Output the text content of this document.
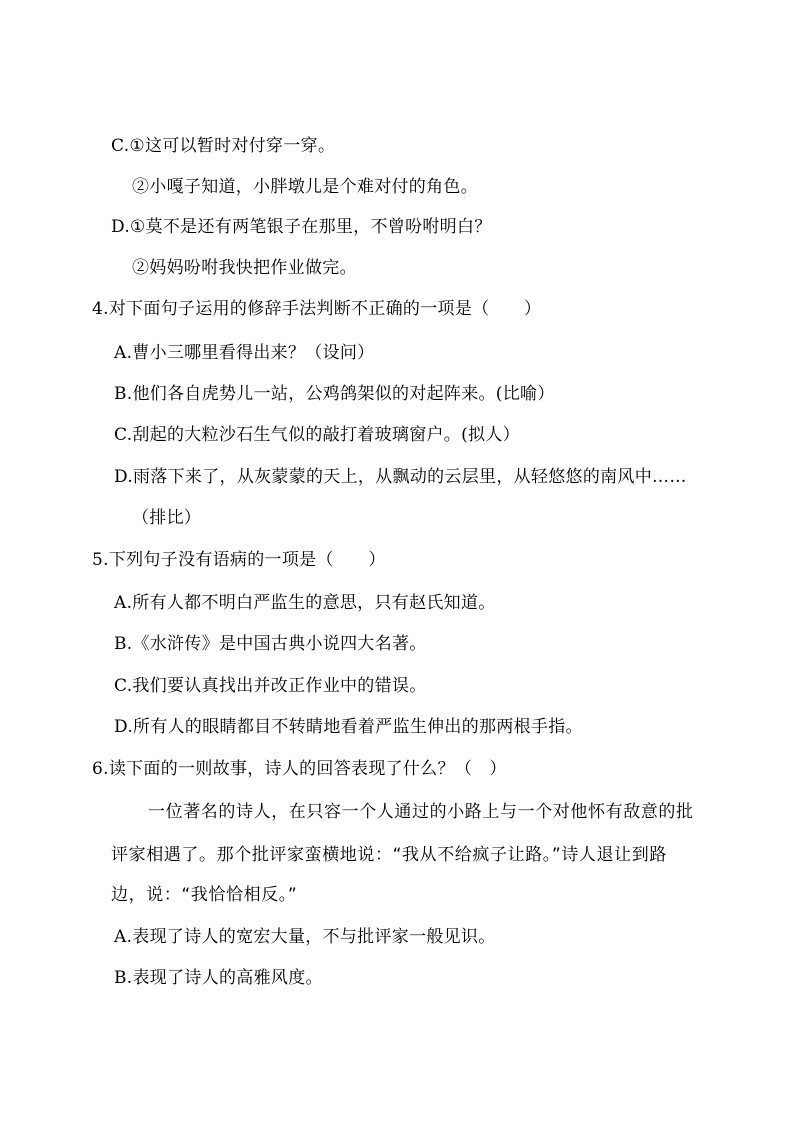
C.①这可以暂时对付穿一穿。
②小嘎子知道，小胖墩儿是个难对付的角色。
D.①莫不是还有两笔银子在那里，不曾吩咐明白？
②妈妈吩咐我快把作业做完。
4.对下面句子运用的修辞手法判断不正确的一项是（　　）
A.曹小三哪里看得出来？（设问）
B.他们各自虎势儿一站，公鸡鸽架似的对起阵来。(比喻）
C.刮起的大粒沙石生气似的敲打着玻璃窗户。(拟人）
D.雨落下来了，从灰蒙蒙的天上，从飘动的云层里，从轻悠悠的南风中……
（排比）
5.下列句子没有语病的一项是（　　）
A.所有人都不明白严监生的意思，只有赵氏知道。
B.《水浒传》是中国古典小说四大名著。
C.我们要认真找出并改正作业中的错误。
D.所有人的眼睛都目不转睛地看着严监生伸出的那两根手指。
6.读下面的一则故事，诗人的回答表现了什么？（　）
一位著名的诗人，在只容一个人通过的小路上与一个对他怀有敌意的批
评家相遇了。那个批评家蛮横地说：“我从不给疯子让路。”诗人退让到路
边，说：“我恰恰相反。”
A.表现了诗人的宽宏大量，不与批评家一般见识。
B.表现了诗人的高雅风度。
